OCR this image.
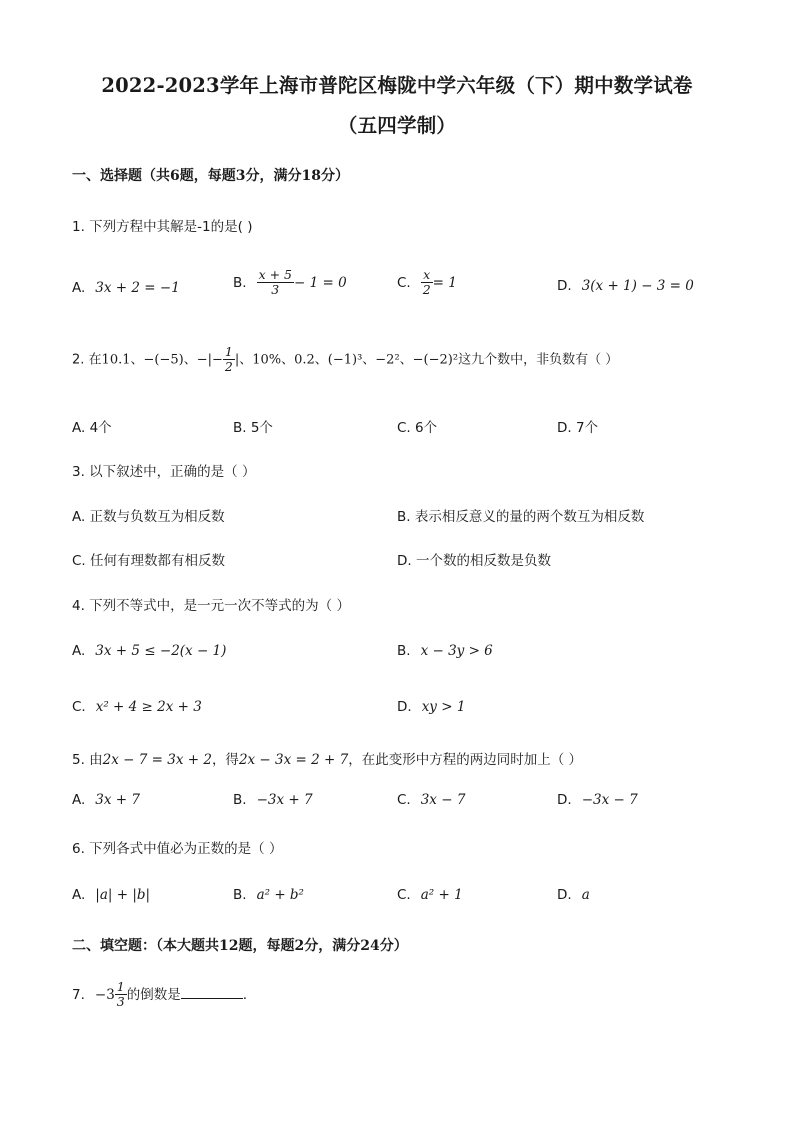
2022-2023学年上海市普陀区梅陇中学六年级（下）期中数学试卷
（五四学制）
一、选择题（共6题，每题3分，满分18分）
1. 下列方程中其解是-1的是( )
A. 3x + 2 = −1	B. $\frac{x + 5}{3} - 1 = 0$	C. $\frac{x}{2} = 1$	D. 3(x + 1) − 3 = 0
2. 在10.1、−(−5)、−|− $\frac{1}{2}$ |、10%、0.2、(−1)³、−2²、−(−2)²这九个数中，非负数有（ ）
A. 4个	B. 5个	C. 6个	D. 7个
3. 以下叙述中，正确的是（ ）
A. 正数与负数互为相反数	B. 表示相反意义的量的两个数互为相反数
C. 任何有理数都有相反数	D. 一个数的相反数是负数
4. 下列不等式中，是一元一次不等式的为（ ）
A. 3x + 5 ≤ −2(x − 1)	B. x − 3y > 6
C. x² + 4 ≥ 2x + 3	D. xy > 1
5. 由2x − 7 = 3x + 2，得2x − 3x = 2 + 7，在此变形中方程的两边同时加上（ ）
A. 3x + 7	B. −3x + 7	C. 3x − 7	D. −3x − 7
6. 下列各式中值必为正数的是（ ）
A. |a| + |b|	B. a² + b²	C. a² + 1	D. a
二、填空题：（本大题共12题，每题2分，满分24分）
7. $-3 \frac{1}{3}$ 的倒数是	.
